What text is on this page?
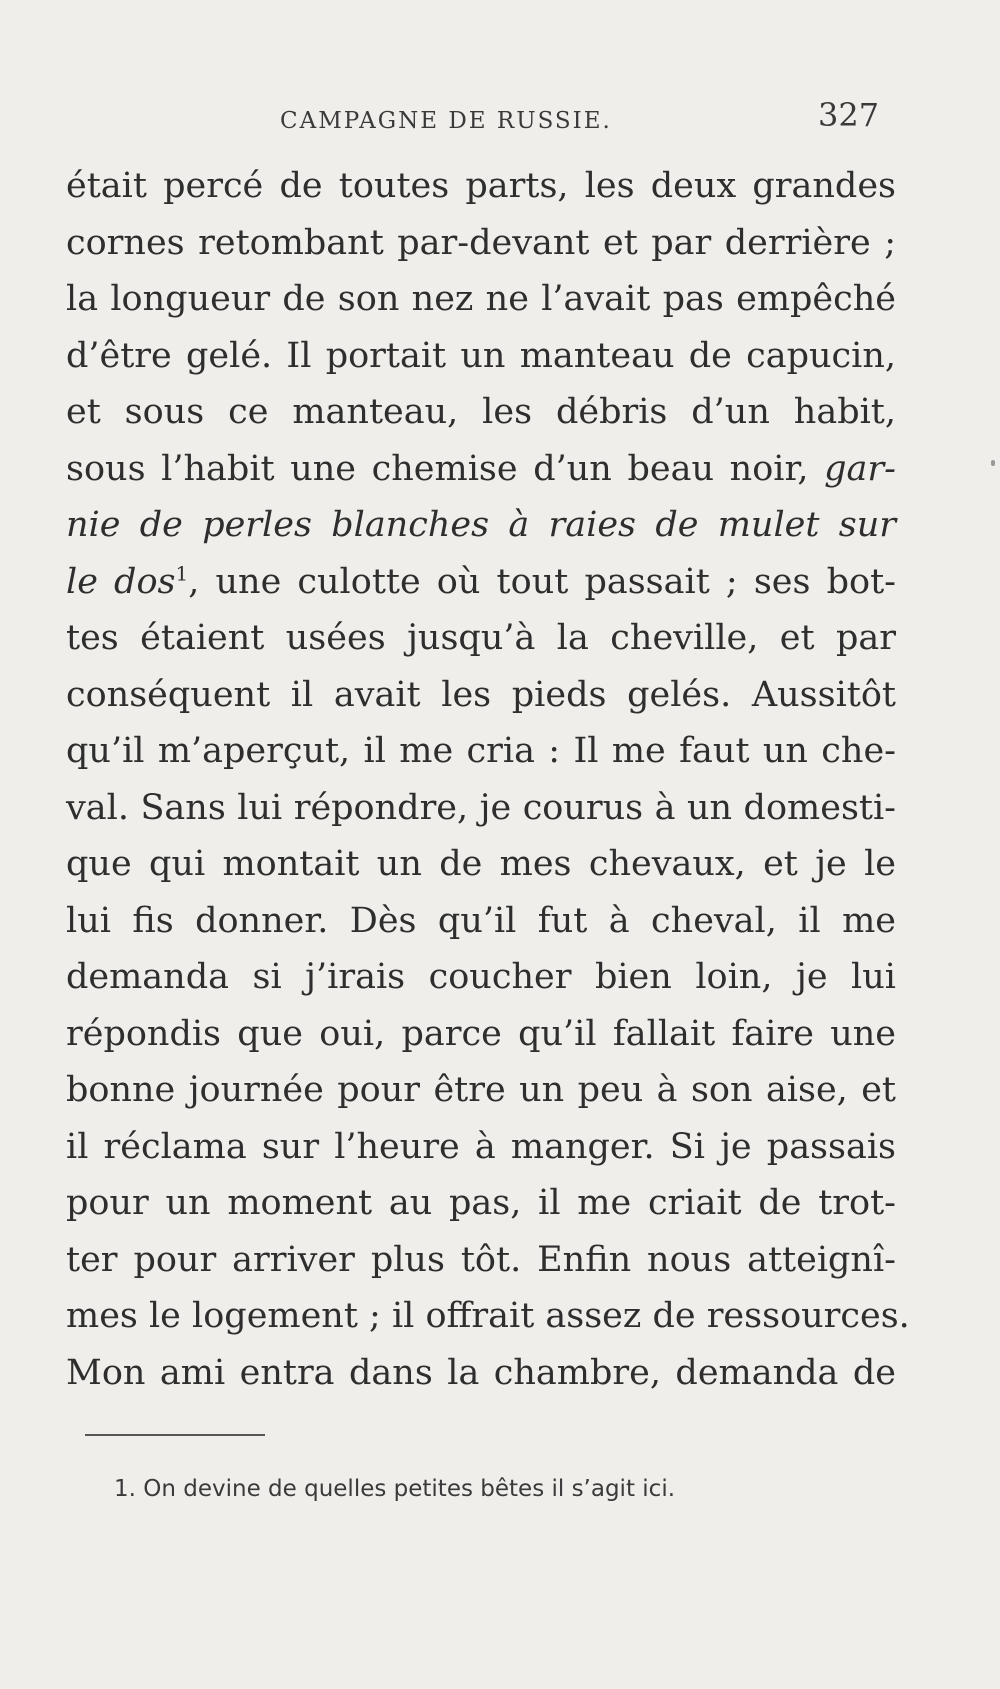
CAMPAGNE DE RUSSIE.	327
était percé de toutes parts, les deux grandes
cornes retombant par-devant et par derrière ;
la longueur de son nez ne l’avait pas empêché
d’être gelé. Il portait un manteau de capucin,
et sous ce manteau, les débris d’un habit,
sous l’habit une chemise d’un beau noir, gar-
nie de perles blanches à raies de mulet sur
le dos$^1$, une culotte où tout passait ; ses bot-
tes étaient usées jusqu’à la cheville, et par
conséquent il avait les pieds gelés. Aussitôt
qu’il m’aperçut, il me cria : Il me faut un che-
val. Sans lui répondre, je courus à un domesti-
que qui montait un de mes chevaux, et je le
lui fis donner. Dès qu’il fut à cheval, il me
demanda si j’irais coucher bien loin, je lui
répondis que oui, parce qu’il fallait faire une
bonne journée pour être un peu à son aise, et
il réclama sur l’heure à manger. Si je passais
pour un moment au pas, il me criait de trot-
ter pour arriver plus tôt. Enfin nous atteignî-
mes le logement ; il offrait assez de ressources.
Mon ami entra dans la chambre, demanda de
1. On devine de quelles petites bêtes il s’agit ici.
